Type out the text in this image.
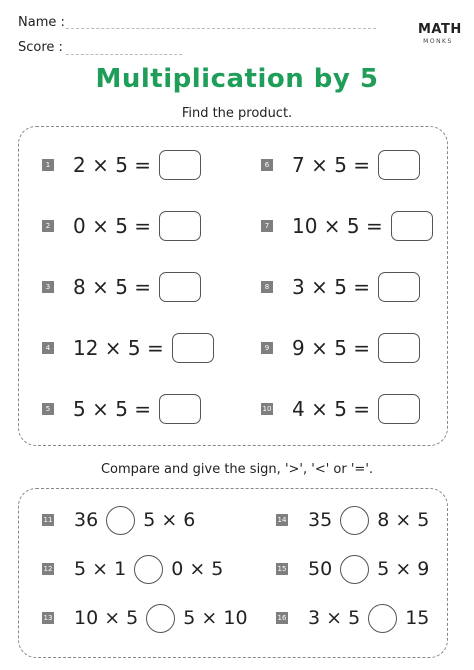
Name :
Score :
MATH
MONKS
Multiplication by 5
Find the product.
1 2 × 5 =
2 0 × 5 =
3 8 × 5 =
4 12 × 5 =
5 5 × 5 =
6 7 × 5 =
7 10 × 5 =
8 3 × 5 =
9 9 × 5 =
10 4 × 5 =
Compare and give the sign, '>', '<' or '='.
11 36 5 × 6
12 5 × 1 0 × 5
13 10 × 5 5 × 10
14 35 8 × 5
15 50 5 × 9
16 3 × 5 15
